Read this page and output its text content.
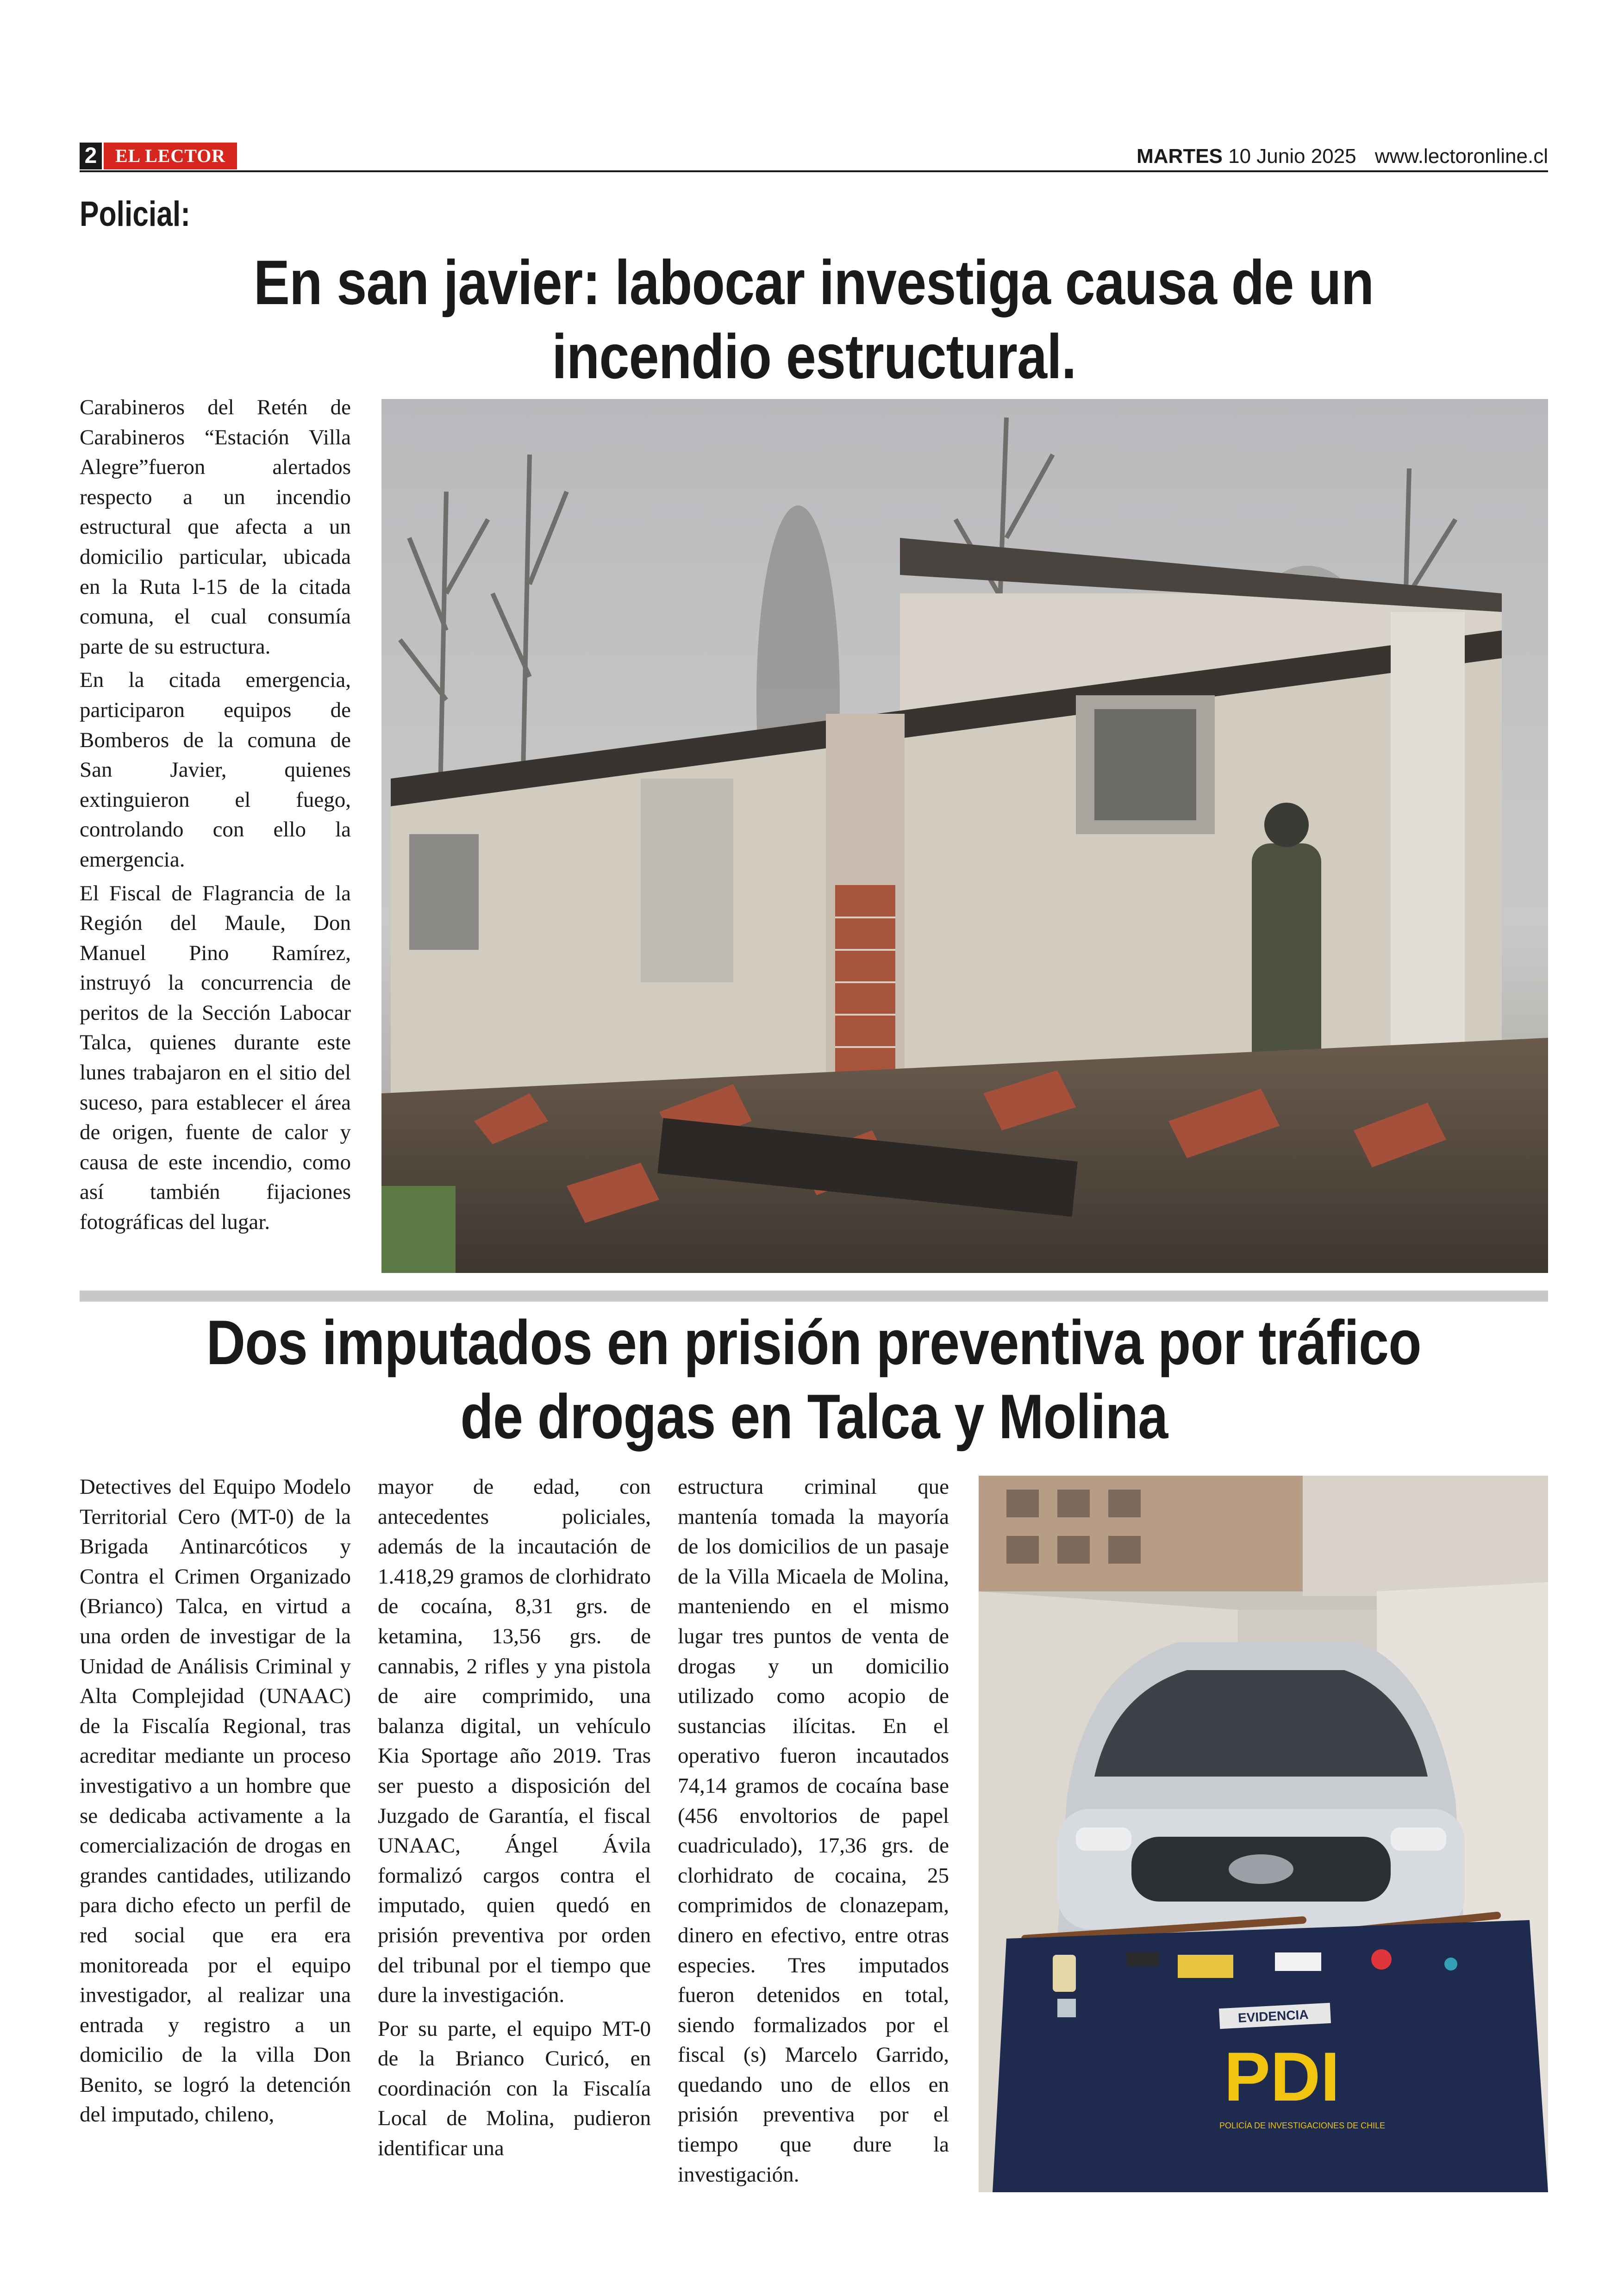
2 EL LECTOR	MARTES 10 Junio 2025 www.lectoronline.cl
Policial:
En san javier: labocar investiga causa de un
incendio estructural.

Carabineros del Retén de Carabineros “Estación Villa Alegre”fueron alertados respecto a un incendio estructural que afecta a un domicilio particular, ubicada en la Ruta l-15 de la citada comuna, el cual consumía parte de su estructura.

En la citada emergencia, participaron equipos de Bomberos de la comuna de San Javier, quienes extinguieron el fuego, controlando con ello la emergencia.

El Fiscal de Flagrancia de la Región del Maule, Don Manuel Pino Ramírez, instruyó la concurrencia de peritos de la Sección Labocar Talca, quienes durante este lunes trabajaron en el sitio del suceso, para establecer el área de origen, fuente de calor y causa de este incendio, como así también fijaciones fotográficas del lugar.

Dos imputados en prisión preventiva por tráfico
de drogas en Talca y Molina

Detectives del Equipo Modelo Territorial Cero (MT-0) de la Brigada Antinarcóticos y Contra el Crimen Organizado (Brianco) Talca, en virtud a una orden de investigar de la Unidad de Análisis Criminal y Alta Complejidad (UNAAC) de la Fiscalía Regional, tras acreditar mediante un proceso investigativo a un hombre que se dedicaba activamente a la comercialización de drogas en grandes cantidades, utilizando para dicho efecto un perfil de red social que era era monitoreada por el equipo investigador, al realizar una entrada y registro a un domicilio de la villa Don Benito, se logró la detención del imputado, chileno,

mayor de edad, con antecedentes policiales, además de la incautación de 1.418,29 gramos de clorhidrato de cocaína, 8,31 grs. de ketamina, 13,56 grs. de cannabis, 2 rifles y yna pistola de aire comprimido, una balanza digital, un vehículo Kia Sportage año 2019. Tras ser puesto a disposición del Juzgado de Garantía, el fiscal UNAAC, Ángel Ávila formalizó cargos contra el imputado, quien quedó en prisión preventiva por orden del tribunal por el tiempo que dure la investigación.

Por su parte, el equipo MT-0 de la Brianco Curicó, en coordinación con la Fiscalía Local de Molina, pudieron identificar una

estructura criminal que mantenía tomada la mayoría de los domicilios de un pasaje de la Villa Micaela de Molina, manteniendo en el mismo lugar tres puntos de venta de drogas y un domicilio utilizado como acopio de sustancias ilícitas. En el operativo fueron incautados 74,14 gramos de cocaína base (456 envoltorios de papel cuadriculado), 17,36 grs. de clorhidrato de cocaina, 25 comprimidos de clonazepam, dinero en efectivo, entre otras especies. Tres imputados fueron detenidos en total, siendo formalizados por el fiscal (s) Marcelo Garrido, quedando uno de ellos en prisión preventiva por el tiempo que dure la investigación.

EVIDENCIA
PDI
POLICÍA DE INVESTIGACIONES DE CHILE
